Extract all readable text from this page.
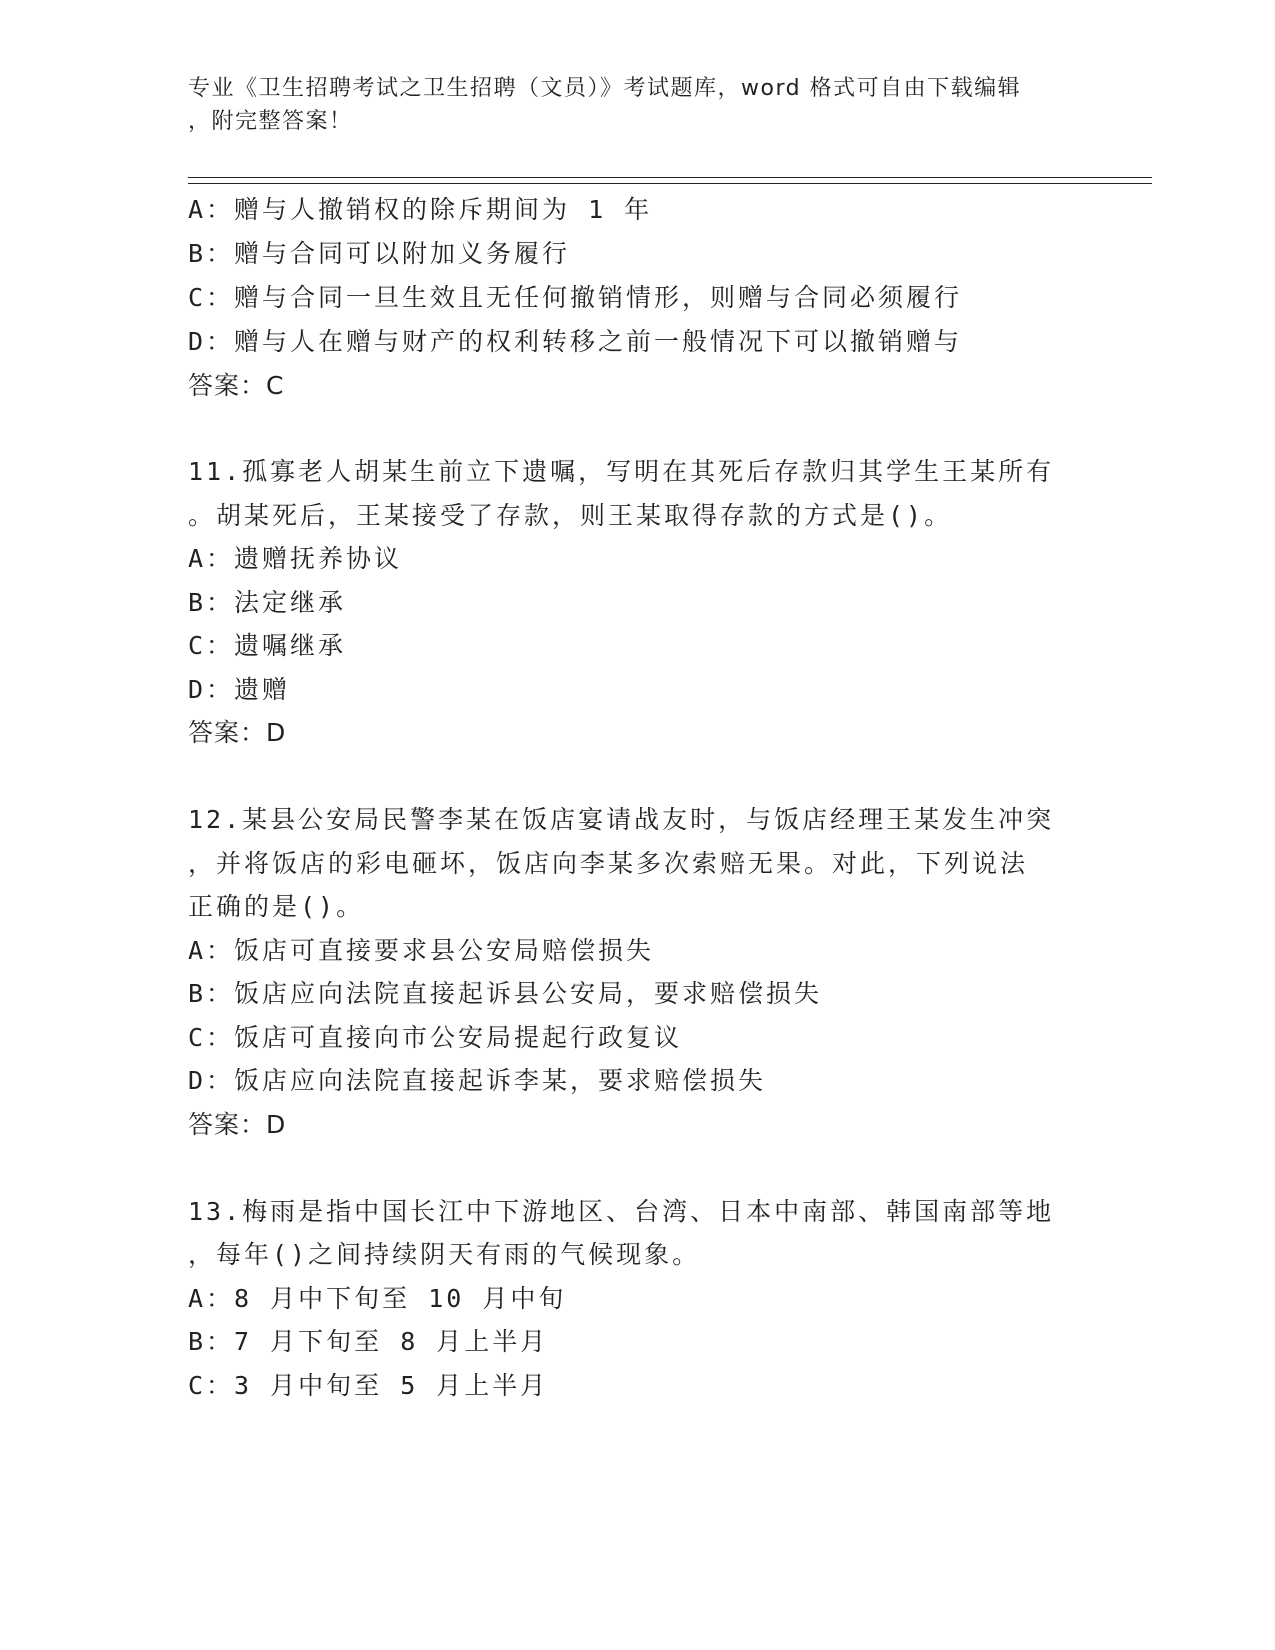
专业《卫生招聘考试之卫生招聘（文员）》考试题库，word 格式可自由下载编辑
，附完整答案！
A：赠与人撤销权的除斥期间为 1 年
B：赠与合同可以附加义务履行
C：赠与合同一旦生效且无任何撤销情形，则赠与合同必须履行
D：赠与人在赠与财产的权利转移之前一般情况下可以撤销赠与
答案：C
11.孤寡老人胡某生前立下遗嘱，写明在其死后存款归其学生王某所有
。胡某死后，王某接受了存款，则王某取得存款的方式是()。
A：遗赠抚养协议
B：法定继承
C：遗嘱继承
D：遗赠
答案：D
12.某县公安局民警李某在饭店宴请战友时，与饭店经理王某发生冲突
，并将饭店的彩电砸坏，饭店向李某多次索赔无果。对此，下列说法
正确的是()。
A：饭店可直接要求县公安局赔偿损失
B：饭店应向法院直接起诉县公安局，要求赔偿损失
C：饭店可直接向市公安局提起行政复议
D：饭店应向法院直接起诉李某，要求赔偿损失
答案：D
13.梅雨是指中国长江中下游地区、台湾、日本中南部、韩国南部等地
，每年()之间持续阴天有雨的气候现象。
A：8 月中下旬至 10 月中旬
B：7 月下旬至 8 月上半月
C：3 月中旬至 5 月上半月
